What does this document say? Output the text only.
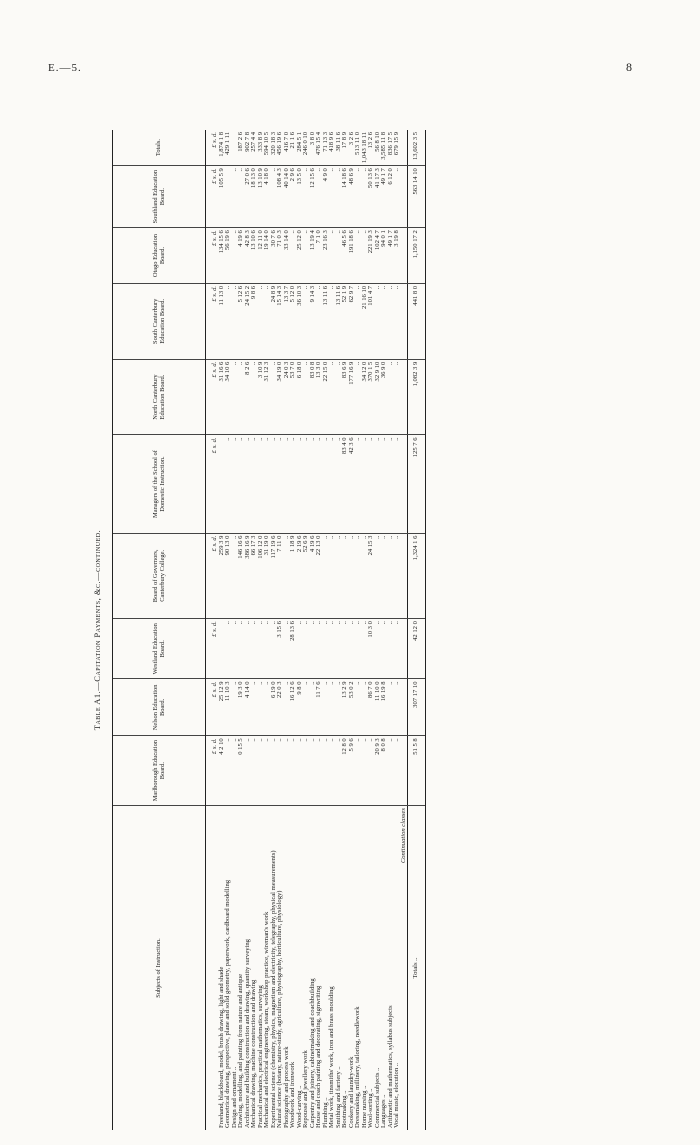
E.—5.	8
Table A1.—Capitation Payments, &c.—continued.
Subjects of Instruction.	Marlborough Education Board.	Nelson Education Board.	Westland Education Board.	Board of Governors, Canterbury College.	Managers of the School of Domestic Instruction.	North Canterbury Education Board.	South Canterbury Education Board.	Otago Education Board.	Southland Education Board.	Totals.
	£ s. d.	£ s. d.	£ s. d.	£ s. d.	£ s. d.	£ s. d.	£ s. d.	£ s. d.	£ s. d.	£ s. d.
Freehand, blackboard, model, brush drawing, light and shade	4 2 10	25 12 9		259 3 9		31 16 6	11 13 0	134 15 6	105 5 9	1,874 1 8
Geometrical drawing, perspective, plane and solid geometry, paperwork, cardboard modelling	..	11 10 3	..	90 13 0	..	34 10 6	..	56 19 6		429 1 11
Design and ornament ..	..	..	..	..	..	..	..	..	..	
Drawing, modelling, and painting from nature and antique	0 15 5	19 3 0	..	146 16 6	..	..	5 12 6	4 19 6	..	187 2 6
Architecture and building construction and drawing, quantity surveying	..	4 14 0	..	386 16 9	..	8 2 6	24 15 2	42 8 3	27 0 6	902 7 8
Mechanical drawing, machine construction and drawing	..	..	..	66 17 3	..	..	9 8 6	13 10 6	18 13 0	257 4 4
Practical mechanics, practical mathematics, surveying	..	..	..	106 12 0	..	3 10 9	..	12 11 0	13 10 9	333 8 9
Mechanical and electrical engineering, steam, workshop practice, wireman's work	..	..	..	31 19 0	..	31 12 3	..	19 14 0	4 18 0	594 10 5
Experimental science (chemistry, physics, magnetism and electricity, telegraphy, physical measurements)	..	6 19 0	..	117 19 6	..	..	24 8 9	30 7 6	..	320 18 3
Natural science (botany, nature-study, agriculture, physiography, horticulture, physiology)	..	22 0 3	3 15 6	7 11 0	..	34 19 0	15 14 3	71 0 3	108 4 3	456 19 6
Photography and process work	..	..	..	..	..	24 0 3	13 3 7	33 14 0	40 14 0	416 7 0
Woodwork and ironwork	..	16 12 6	28 13 6	1 18 9	..	53 7 0	5 12 0	..	2 9 6	21 1 6
Wood-carving ..	..	9 8 0	..	2 19 6	..	6 18 0	36 10 3	25 12 0	13 5 0	284 5 1
Repoussé and jewellery work	..	..	..	52 6 9	..	..	..	..	..	246 0 10
Carpentry and joinery, cabinetmaking and coachbuilding	..	..	..	4 19 6	..	83 0 8	9 14 3	13 19 4	12 15 6	3 8 0
House and coach painting and decorating, signwriting	..	11 7 6	..	22 13 0	..	13 3 0	..	7 1 0	..	476 15 4
Plumbing ..	..	..	..	..	..	22 15 0	13 11 6	23 16 3	4 9 0	71 13 3
Metal work, tinsmiths' work, iron and brass moulding	..	..	..	..	..	..	..	..	..	418 9 6
Smithing and farriery ..	..	..	..	..	..	..	13 11 6	..	..	38 11 6
Bootmaking ..	12 8 0	13 2 9	..	..	83 4 0	83 6 9	52 1 9	46 5 6	14 18 6	17 8 9
Cookery and laundry-work	5 9 6	53 0 2	..	..	42 3 6	177 16 9	62 9 7	191 18 6	48 6 9	3 2 6
Dressmaking, millinery, tailoring, needlework	..	..	..	..	..	..	..	..	..	513 11 0
Home nursing ..	..	..	..	..	..	34 12 0	21 16 10	..	..	1,043 18 11
Wool-sorting ..	..	86 7 0	10 3 0	24 15 3	..	370 1 5	101 4 7	221 19 3	50 13 6	13 2 6
Commercial subjects ..	20 9 3	11 10 0	..	..	..	32 9 10	..	102 4 7	41 17 3	56 8 10
Languages ..	8 0 8	16 19 8	..	..	..	36 9 0	..	94 0 1	49 1 7	3,585 11 8
Arithmetic and mathematics, syllabus subjects	..	..	..	..	..	..	..	49 1 7	6 12 0	836 17 5
Vocal music, elocution ..	..	..	..	..	..	..	..	3 19 8	..	679 15 9
Continuation classes										
Totals ..	51 5 8	307 17 10	42 12 0	1,324 1 6	125 7 6	1,082 3 9	441 8 0	1,150 17 2	563 14 10	13,602 3 5
